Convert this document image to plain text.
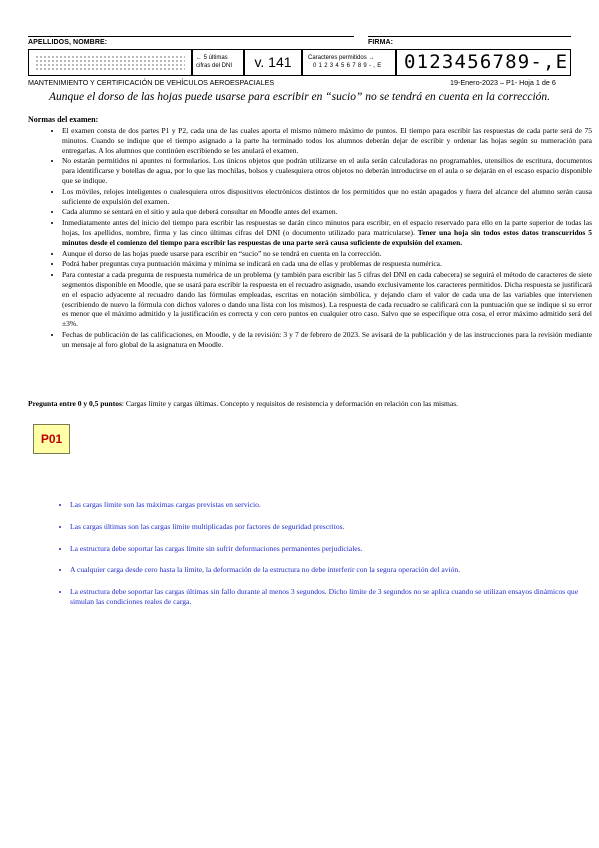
APELLIDOS, NOMBRE:	FIRMA:
← 5 últimas
cifras del DNI	v. 141	Caracteres permitidos →
0 1 2 3 4 5 6 7 8 9 - , E 0123456789-,E
MANTENIMIENTO Y CERTIFICACIÓN DE VEHÍCULOS AEROESPACIALES	19-Enero-2023 – P1- Hoja 1 de 6
Aunque el dorso de las hojas puede usarse para escribir en “sucio” no se tendrá en cuenta en la corrección.
Normas del examen:
• El examen consta de dos partes P1 y P2, cada una de las cuales aporta el mismo número máximo de puntos. El tiempo para escribir las respuestas de cada parte será de 75 minutos. Cuando se indique que el tiempo asignado a la parte ha terminado todos los alumnos deberán dejar de escribir y ordenar las hojas según su numeración para entregarlas. A los alumnos que continúen escribiendo se les anulará el examen.
• No estarán permitidos ni apuntes ni formularios. Los únicos objetos que podrán utilizarse en el aula serán calculadoras no programables, utensilios de escritura, documentos para identificarse y botellas de agua, por lo que las mochilas, bolsos y cualesquiera otros objetos no deberán introducirse en el aula o se dejarán en el escaso espacio disponible que se indique.
• Los móviles, relojes inteligentes o cualesquiera otros dispositivos electrónicos distintos de los permitidos que no están apagados y fuera del alcance del alumno serán causa suficiente de expulsión del examen.
• Cada alumno se sentará en el sitio y aula que deberá consultar en Moodle antes del examen.
• Inmediatamente antes del inicio del tiempo para escribir las respuestas se darán cinco minutos para escribir, en el espacio reservado para ello en la parte superior de todas las hojas, los apellidos, nombre, firma y las cinco últimas cifras del DNI (o documento utilizado para matricularse). Tener una hoja sin todos estos datos transcurridos 5 minutos desde el comienzo del tiempo para escribir las respuestas de una parte será causa suficiente de expulsión del examen.
• Aunque el dorso de las hojas puede usarse para escribir en “sucio” no se tendrá en cuenta en la corrección.
• Podrá haber preguntas cuya puntuación máxima y mínima se indicará en cada una de ellas y problemas de respuesta numérica.
• Para contestar a cada pregunta de respuesta numérica de un problema (y también para escribir las 5 cifras del DNI en cada cabecera) se seguirá el método de caracteres de siete segmentos disponible en Moodle, que se usará para escribir la respuesta en el recuadro asignado, usando exclusivamente los caracteres permitidos. Dicha respuesta se justificará en el espacio adyacente al recuadro dando las fórmulas empleadas, escritas en notación simbólica, y dejando claro el valor de cada una de las variables que intervienen (escribiendo de nuevo la fórmula con dichos valores o dando una lista con los mismos). La respuesta de cada recuadro se calificará con la puntuación que se indique si su error es menor que el máximo admitido y la justificación es correcta y con cero puntos en cualquier otro caso. Salvo que se especifique otra cosa, el error máximo admitido será del ±3%.
• Fechas de publicación de las calificaciones, en Moodle, y de la revisión: 3 y 7 de febrero de 2023. Se avisará de la publicación y de las instrucciones para la revisión mediante un mensaje al foro global de la asignatura en Moodle.
Pregunta entre 0 y 0,5 puntos: Cargas límite y cargas últimas. Concepto y requisitos de resistencia y deformación en relación con las mismas.
P01
• Las cargas límite son las máximas cargas previstas en servicio.
• Las cargas últimas son las cargas límite multiplicadas por factores de seguridad prescritos.
• La estructura debe soportar las cargas límite sin sufrir deformaciones permanentes perjudiciales.
• A cualquier carga desde cero hasta la límite, la deformación de la estructura no debe interferir con la segura operación del avión.
• La estructura debe soportar las cargas últimas sin fallo durante al menos 3 segundos. Dicho límite de 3 segundos no se aplica cuando se utilizan ensayos dinámicos que simulan las condiciones reales de carga.
